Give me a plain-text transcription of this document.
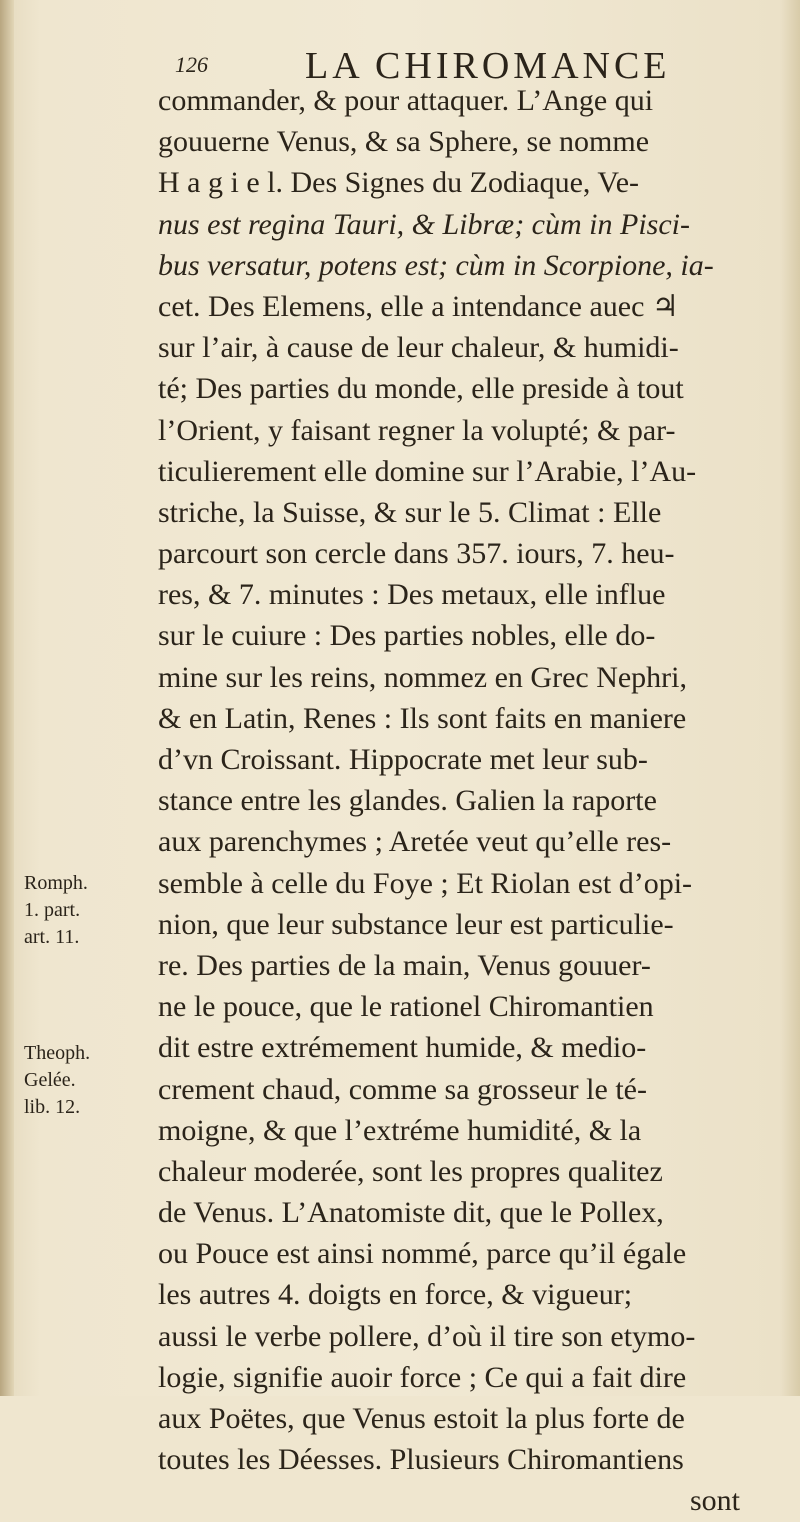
126	LA CHIROMANCE
commander, & pour attaquer. L’Ange qui
gouuerne Venus, & sa Sphere, se nomme
H a g i e l. Des Signes du Zodiaque, Ve-
nus est regina Tauri, & Libræ; cùm in Pisci-
bus versatur, potens est; cùm in Scorpione, ia-
cet. Des Elemens, elle a intendance auec ♃
sur l’air, à cause de leur chaleur, & humidi-
té; Des parties du monde, elle preside à tout
l’Orient, y faisant regner la volupté; & par-
ticulierement elle domine sur l’Arabie, l’Au-
striche, la Suisse, & sur le 5. Climat : Elle
parcourt son cercle dans 357. iours, 7. heu-
res, & 7. minutes : Des metaux, elle influe
sur le cuiure : Des parties nobles, elle do-
mine sur les reins, nommez en Grec Nephri,
& en Latin, Renes : Ils sont faits en maniere
d’vn Croissant. Hippocrate met leur sub-
stance entre les glandes. Galien la raporte
aux parenchymes ; Aretée veut qu’elle res-
semble à celle du Foye ; Et Riolan est d’opi-
nion, que leur substance leur est particulie-
re. Des parties de la main, Venus gouuer-
ne le pouce, que le rationel Chiromantien
dit estre extrémement humide, & medio-
crement chaud, comme sa grosseur le té-
moigne, & que l’extréme humidité, & la
chaleur moderée, sont les propres qualitez
de Venus. L’Anatomiste dit, que le Pollex,
ou Pouce est ainsi nommé, parce qu’il égale
les autres 4. doigts en force, & vigueur;
aussi le verbe pollere, d’où il tire son etymo-
logie, signifie auoir force ; Ce qui a fait dire
aux Poëtes, que Venus estoit la plus forte de
toutes les Déesses. Plusieurs Chiromantiens
sont
Romph.
1. part.
art. 11.
Theoph.
Gelée.
lib. 12.
